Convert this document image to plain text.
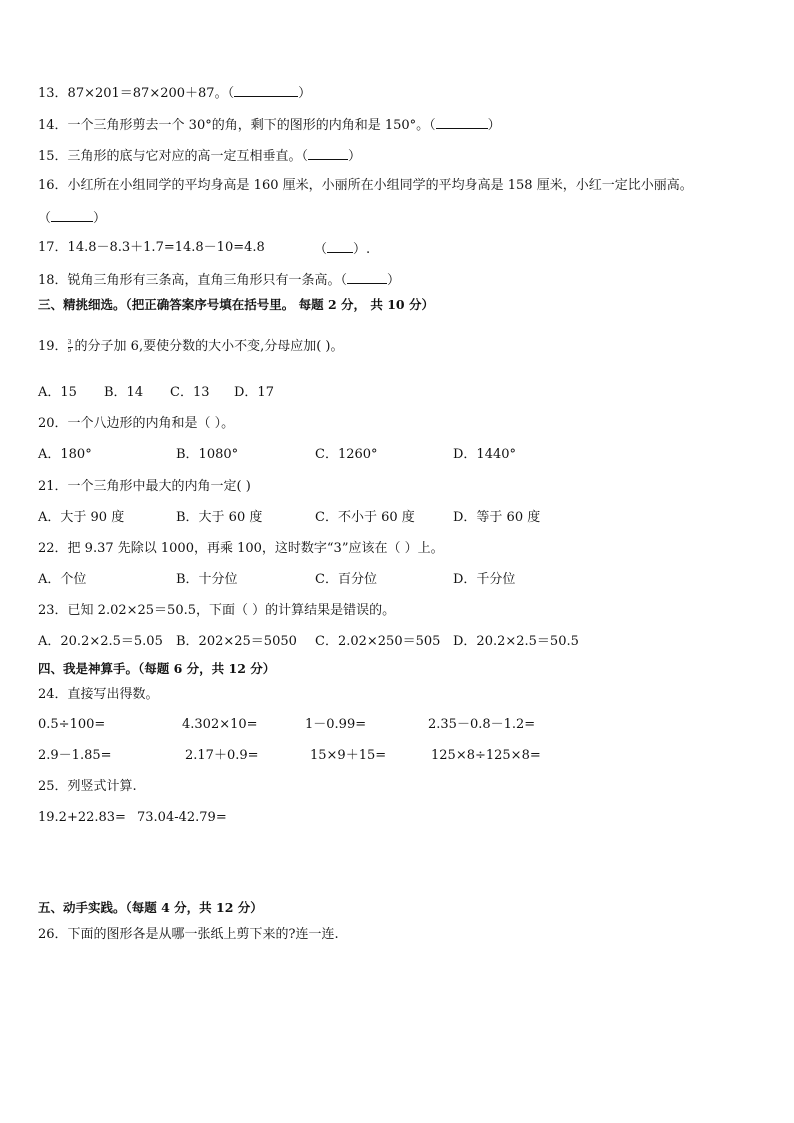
13．87×201＝87×200＋87。（	）
14．一个三角形剪去一个 30°的角，剩下的图形的内角和是 150°。（	）
15．三角形的底与它对应的高一定互相垂直。（	）
16．小红所在小组同学的平均身高是 160 厘米，小丽所在小组同学的平均身高是 158 厘米，小红一定比小丽高。
（	）
17．14.8－8.3＋1.7=14.8－10=4.8	（ ）.
18．锐角三角形有三条高，直角三角形只有一条高。（	）
三、精挑细选。（把正确答案序号填在括号里。 每题 2 分， 共 10 分）
19． $\frac{3}{5}$ 的分子加 6,要使分数的大小不变,分母应加( )。
A．15 B．14 C．13 D．17
20．一个八边形的内角和是（ ）。
A．180°	B．1080°	C．1260°	D．1440°
21．一个三角形中最大的内角一定( )
A．大于 90 度	B．大于 60 度	C．不小于 60 度	D．等于 60 度
22．把 9.37 先除以 1000，再乘 100，这时数字“3”应该在（ ）上。
A．个位	B．十分位	C．百分位	D．千分位
23．已知 2.02×25＝50.5，下面（ ）的计算结果是错误的。
A．20.2×2.5＝5.05 B．202×25＝5050 C．2.02×250＝505 D．20.2×2.5＝50.5
四、我是神算手。（每题 6 分，共 12 分）
24．直接写出得数。
0.5÷100=	4.302×10=	1－0.99=	2.35－0.8－1.2=
2.9－1.85=	2.17＋0.9=	15×9＋15=	125×8÷125×8=
25．列竖式计算.
19.2+22.83= 73.04-42.79=
五、动手实践。（每题 4 分，共 12 分）
26．下面的图形各是从哪一张纸上剪下来的?连一连.
